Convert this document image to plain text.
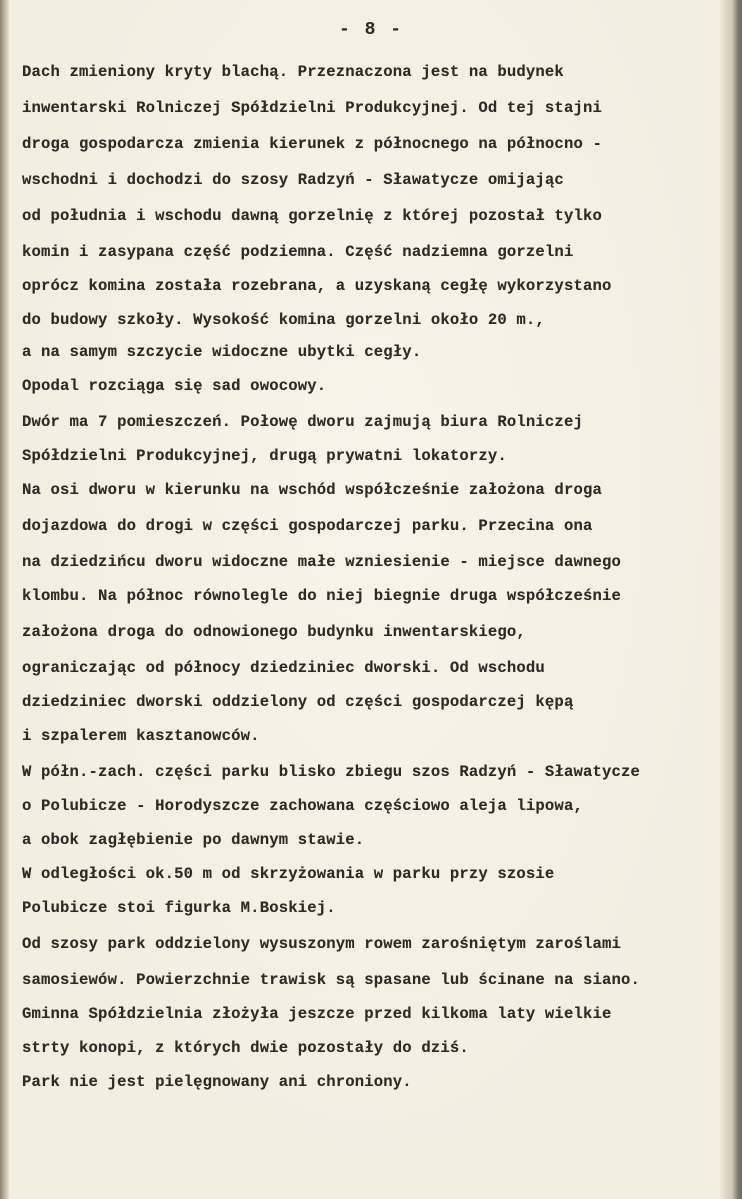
- 8 -
Dach zmieniony kryty blachą. Przeznaczona jest na budynek
inwentarski Rolniczej Spółdzielni Produkcyjnej. Od tej stajni
droga gospodarcza zmienia kierunek z północnego na północno -
wschodni i dochodzi do szosy Radzyń - Sławatycze omijając
od południa i wschodu dawną gorzelnię z której pozostał tylko
komin i zasypana część podziemna. Część nadziemna gorzelni
oprócz komina została rozebrana, a uzyskaną cegłę wykorzystano
do budowy szkoły. Wysokość komina gorzelni około 20 m.,
a na samym szczycie widoczne ubytki cegły.
Opodal rozciąga się sad owocowy.
Dwór ma 7 pomieszczeń. Połowę dworu zajmują biura Rolniczej
Spółdzielni Produkcyjnej, drugą prywatni lokatorzy.
Na osi dworu w kierunku na wschód współcześnie założona droga
dojazdowa do drogi w części gospodarczej parku. Przecina ona
na dziedzińcu dworu widoczne małe wzniesienie - miejsce dawnego
klombu. Na północ równolegle do niej biegnie druga współcześnie
założona droga do odnowionego budynku inwentarskiego,
ograniczając od północy dziedziniec dworski. Od wschodu
dziedziniec dworski oddzielony od części gospodarczej kępą
i szpalerem kasztanowców.
W półn.-zach. części parku blisko zbiegu szos Radzyń - Sławatycze
o Polubicze - Horodyszcze zachowana częściowo aleja lipowa,
a obok zagłębienie po dawnym stawie.
W odległości ok.50 m od skrzyżowania w parku przy szosie
Polubicze stoi figurka M.Boskiej.
Od szosy park oddzielony wysuszonym rowem zarośniętym zaroślami
samosiewów. Powierzchnie trawisk są spasane lub ścinane na siano.
Gminna Spółdzielnia złożyła jeszcze przed kilkoma laty wielkie
strty konopi, z których dwie pozostały do dziś.
Park nie jest pielęgnowany ani chroniony.
